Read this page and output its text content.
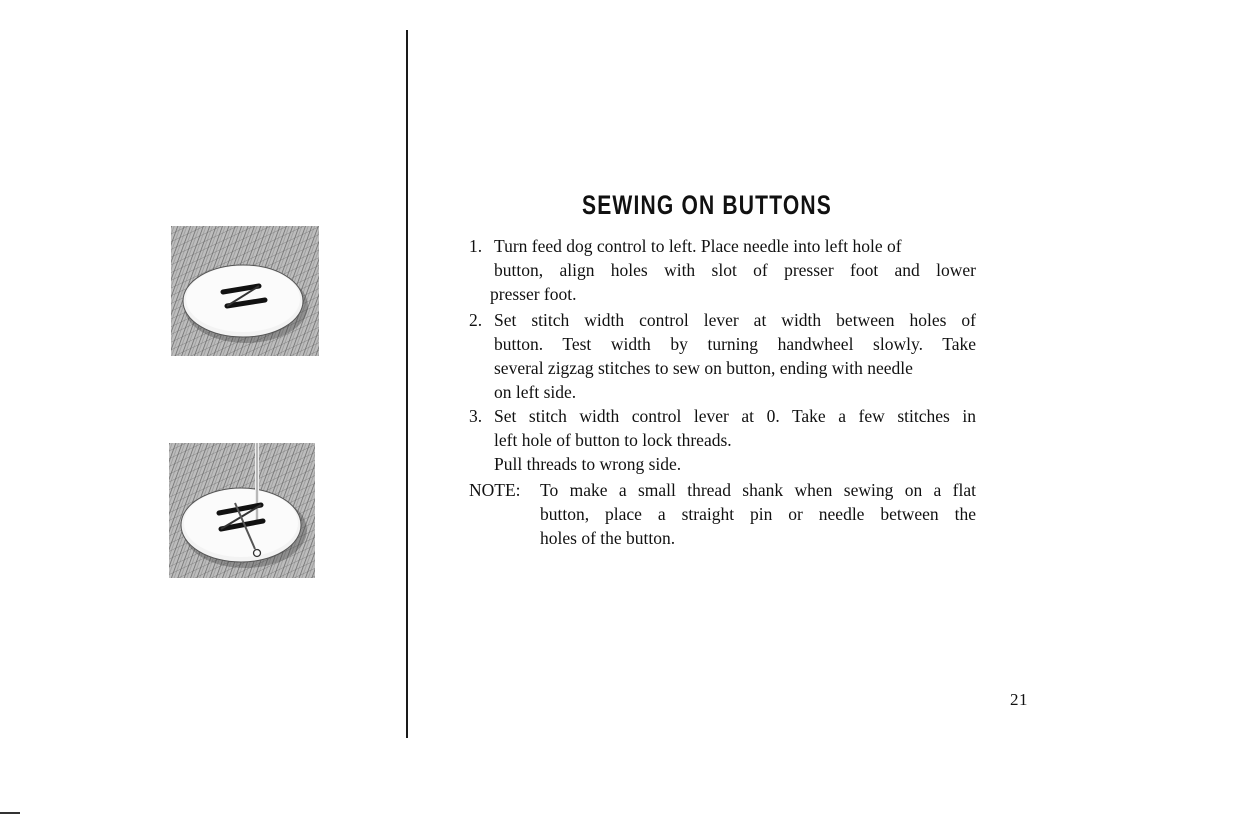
SEWING ON BUTTONS
1. Turn feed dog control to left. Place needle into left hole of
button, align holes with slot of presser foot and lower
presser foot.
2. Set stitch width control lever at width between holes of
button. Test width by turning handwheel slowly. Take
several zigzag stitches to sew on button, ending with needle
on left side.
3. Set stitch width control lever at 0. Take a few stitches in
left hole of button to lock threads.
Pull threads to wrong side.
NOTE: To make a small thread shank when sewing on a flat
button, place a straight pin or needle between the
holes of the button.
21
